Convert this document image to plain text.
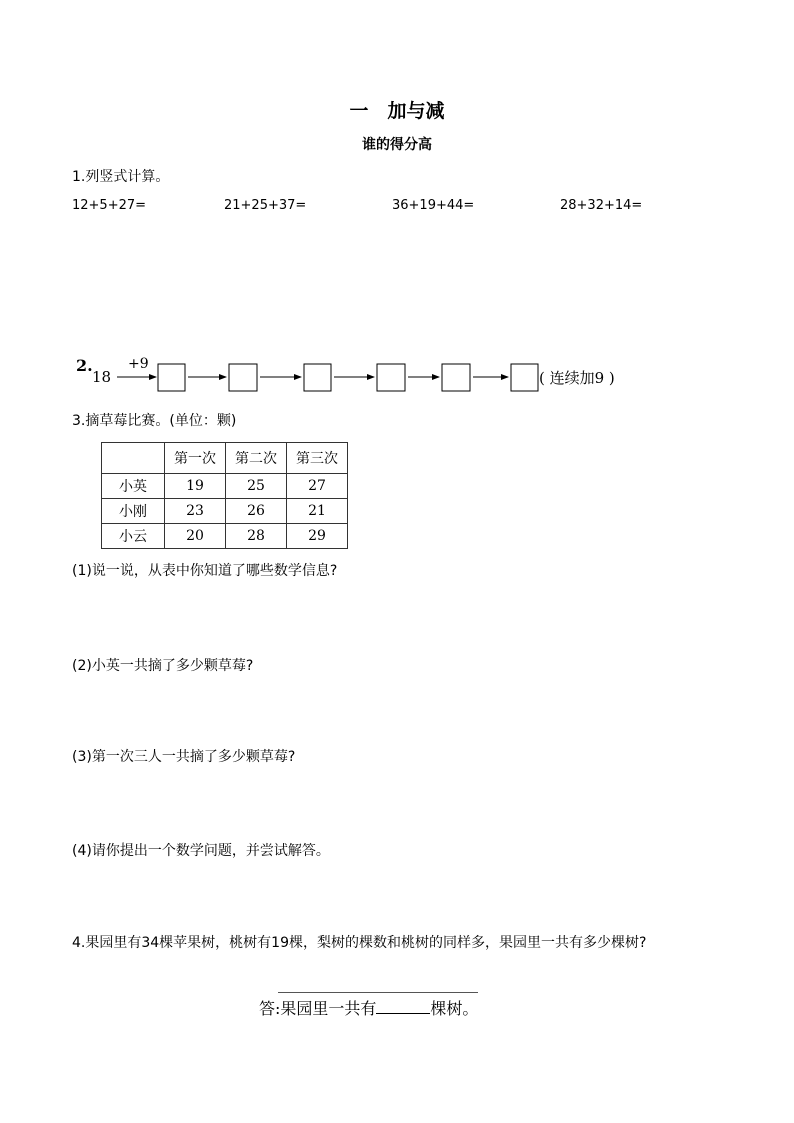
一　加与减
谁的得分高
1.列竖式计算。
12+5+27=	21+25+37=	36+19+44=	28+32+14=
2.
18
+9
( 连续加9 )
3.摘草莓比赛。(单位：颗)
	第一次	第二次	第三次
小英	19	25	27
小刚	23	26	21
小云	20	28	29
(1)说一说，从表中你知道了哪些数学信息?
(2)小英一共摘了多少颗草莓?
(3)第一次三人一共摘了多少颗草莓?
(4)请你提出一个数学问题，并尝试解答。
4.果园里有34棵苹果树，桃树有19棵，梨树的棵数和桃树的同样多，果园里一共有多少棵树?
答:果园里一共有	棵树。
